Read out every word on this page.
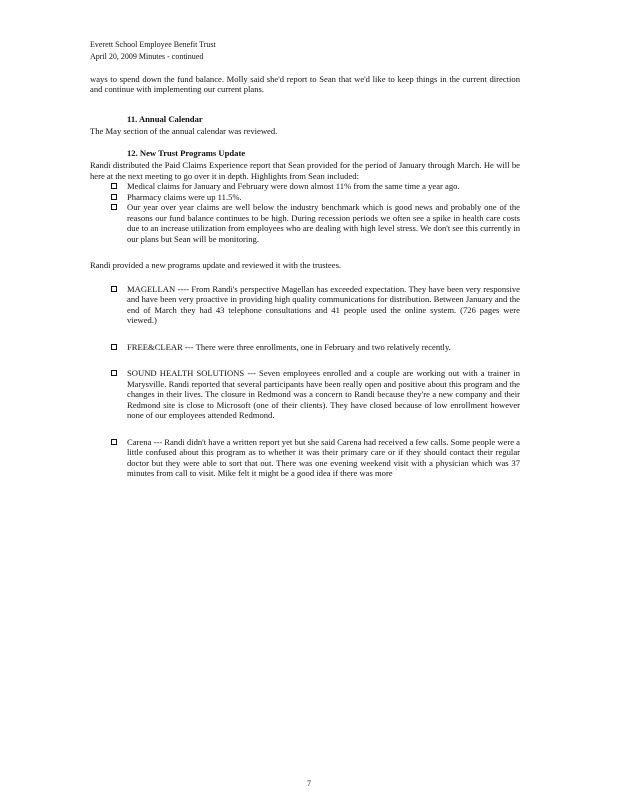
Everett School Employee Benefit Trust
April 20, 2009 Minutes - continued

ways to spend down the fund balance. Molly said she'd report to Sean that we'd like to keep things in the current direction and continue with implementing our current plans.

11. Annual Calendar

The May section of the annual calendar was reviewed.

12. New Trust Programs Update

Randi distributed the Paid Claims Experience report that Sean provided for the period of January through March. He will be here at the next meeting to go over it in depth. Highlights from Sean included:

Medical claims for January and February were down almost 11% from the same time a year ago.
Pharmacy claims were up 11.5%.
Our year over year claims are well below the industry benchmark which is good news and probably one of the reasons our fund balance continues to be high. During recession periods we often see a spike in health care costs due to an increase utilization from employees who are dealing with high level stress. We don't see this currently in our plans but Sean will be monitoring.

Randi provided a new programs update and reviewed it with the trustees.

MAGELLAN ---- From Randi's perspective Magellan has exceeded expectation. They have been very responsive and have been very proactive in providing high quality communications for distribution. Between January and the end of March they had 43 telephone consultations and 41 people used the online system. (726 pages were viewed.)
FREE&CLEAR --- There were three enrollments, one in February and two relatively recently.
SOUND HEALTH SOLUTIONS --- Seven employees enrolled and a couple are working out with a trainer in Marysville. Randi reported that several participants have been really open and positive about this program and the changes in their lives. The closure in Redmond was a concern to Randi because they're a new company and their Redmond site is close to Microsoft (one of their clients). They have closed because of low enrollment however none of our employees attended Redmond.
Carena --- Randi didn't have a written report yet but she said Carena had received a few calls. Some people were a little confused about this program as to whether it was their primary care or if they should contact their regular doctor but they were able to sort that out. There was one evening weekend visit with a physician which was 37 minutes from call to visit. Mike felt it might be a good idea if there was more
7
